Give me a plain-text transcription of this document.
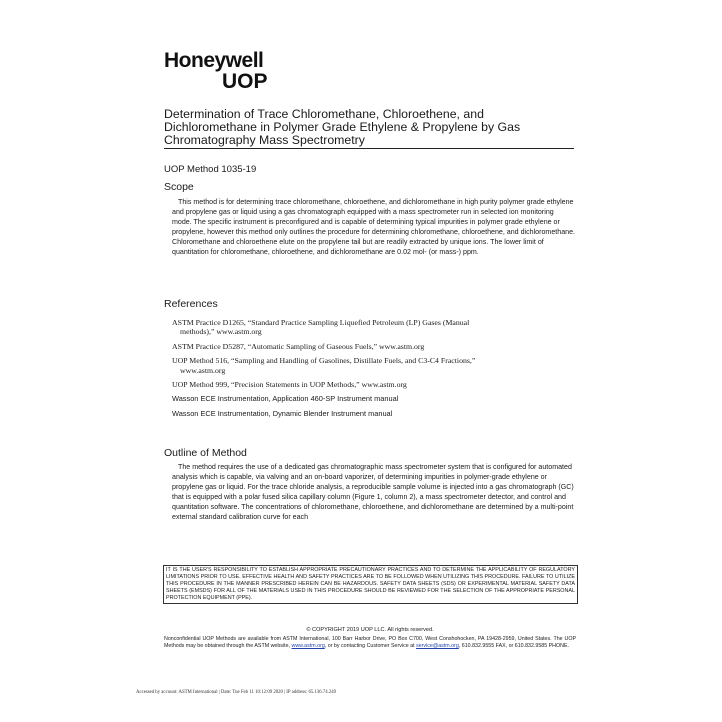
Honeywell
UOP
Determination of Trace Chloromethane, Chloroethene, and Dichloromethane in Polymer Grade Ethylene & Propylene by Gas Chromatography Mass Spectrometry
UOP Method 1035-19
Scope
This method is for determining trace chloromethane, chloroethene, and dichloromethane in high purity polymer grade ethylene and propylene gas or liquid using a gas chromatograph equipped with a mass spectrometer run in selected ion monitoring mode. The specific instrument is preconfigured and is capable of determining typical impurities in polymer grade ethylene or propylene, however this method only outlines the procedure for determining chloromethane, chloroethene, and dichloromethane. Chloromethane and chloroethene elute on the propylene tail but are readily extracted by unique ions. The lower limit of quantitation for chloromethane, chloroethene, and dichloromethane are 0.02 mol- (or mass-) ppm.
References
ASTM Practice D1265, “Standard Practice Sampling Liquefied Petroleum (LP) Gases (Manual
methods),” www.astm.org
ASTM Practice D5287, “Automatic Sampling of Gaseous Fuels,” www.astm.org
UOP Method 516, “Sampling and Handling of Gasolines, Distillate Fuels, and C3-C4 Fractions,”
www.astm.org
UOP Method 999, “Precision Statements in UOP Methods,” www.astm.org
Wasson ECE Instrumentation, Application 460-SP Instrument manual
Wasson ECE Instrumentation, Dynamic Blender Instrument manual
Outline of Method
The method requires the use of a dedicated gas chromatographic mass spectrometer system that is configured for automated analysis which is capable, via valving and an on-board vaporizer, of determining impurities in polymer-grade ethylene or propylene gas or liquid. For the trace chloride analysis, a reproducible sample volume is injected into a gas chromatograph (GC) that is equipped with a polar fused silica capillary column (Figure 1, column 2), a mass spectrometer detector, and control and quantitation software. The concentrations of chloromethane, chloroethene, and dichloromethane are determined by a multi-point external standard calibration curve for each
IT IS THE USER'S RESPONSIBILITY TO ESTABLISH APPROPRIATE PRECAUTIONARY PRACTICES AND TO DETERMINE THE APPLICABILITY OF REGULATORY LIMITATIONS PRIOR TO USE. EFFECTIVE HEALTH AND SAFETY PRACTICES ARE TO BE FOLLOWED WHEN UTILIZING THIS PROCEDURE. FAILURE TO UTILIZE THIS PROCEDURE IN THE MANNER PRESCRIBED HEREIN CAN BE HAZARDOUS. SAFETY DATA SHEETS (SDS) OR EXPERIMENTAL MATERIAL SAFETY DATA SHEETS (EMSDS) FOR ALL OF THE MATERIALS USED IN THIS PROCEDURE SHOULD BE REVIEWED FOR THE SELECTION OF THE APPROPRIATE PERSONAL PROTECTION EQUIPMENT (PPE).
© COPYRIGHT 2019 UOP LLC. All rights reserved.
Nonconfidential UOP Methods are available from ASTM International, 100 Barr Harbor Drive, PO Box C700, West Conshohocken, PA 19428-2959, United States. The UOP Methods may be obtained through the ASTM website, www.astm.org, or by contacting Customer Service at service@astm.org, 610.832.9555 FAX, or 610.832.9585 PHONE.
Accessed by account: ASTM International | Date: Tue Feb 11 10:12:09 2020 | IP address: 65.136.74.249
